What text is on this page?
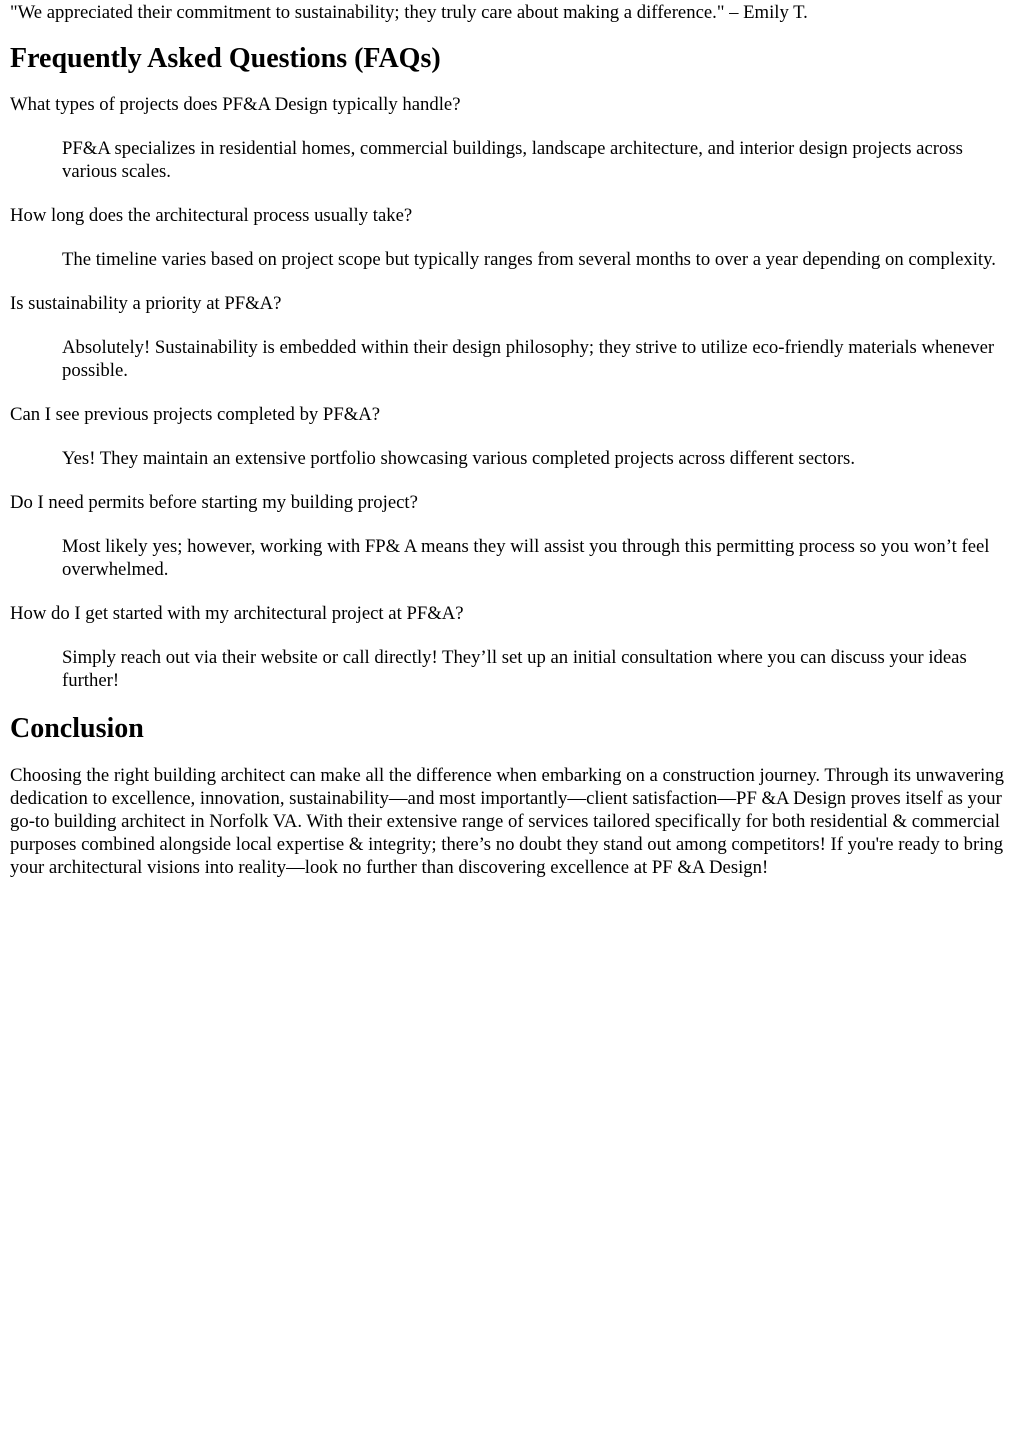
"We appreciated their commitment to sustainability; they truly care about making a difference." – Emily T.

Frequently Asked Questions (FAQs)
What types of projects does PF&A Design typically handle?
PF&A specializes in residential homes, commercial buildings, landscape architecture, and interior design projects across various scales.
How long does the architectural process usually take?
The timeline varies based on project scope but typically ranges from several months to over a year depending on complexity.
Is sustainability a priority at PF&A?
Absolutely! Sustainability is embedded within their design philosophy; they strive to utilize eco-friendly materials whenever possible.
Can I see previous projects completed by PF&A?
Yes! They maintain an extensive portfolio showcasing various completed projects across different sectors.
Do I need permits before starting my building project?
Most likely yes; however, working with FP& A means they will assist you through this permitting process so you won’t feel overwhelmed.
How do I get started with my architectural project at PF&A?
Simply reach out via their website or call directly! They’ll set up an initial consultation where you can discuss your ideas further!
Conclusion

Choosing the right building architect can make all the difference when embarking on a construction journey. Through its unwavering dedication to excellence, innovation, sustainability—and most importantly—client satisfaction—PF &A Design proves itself as your go-to building architect in Norfolk VA. With their extensive range of services tailored specifically for both residential & commercial purposes combined alongside local expertise & integrity; there’s no doubt they stand out among competitors! If you're ready to bring your architectural visions into reality—look no further than discovering excellence at PF &A Design!
